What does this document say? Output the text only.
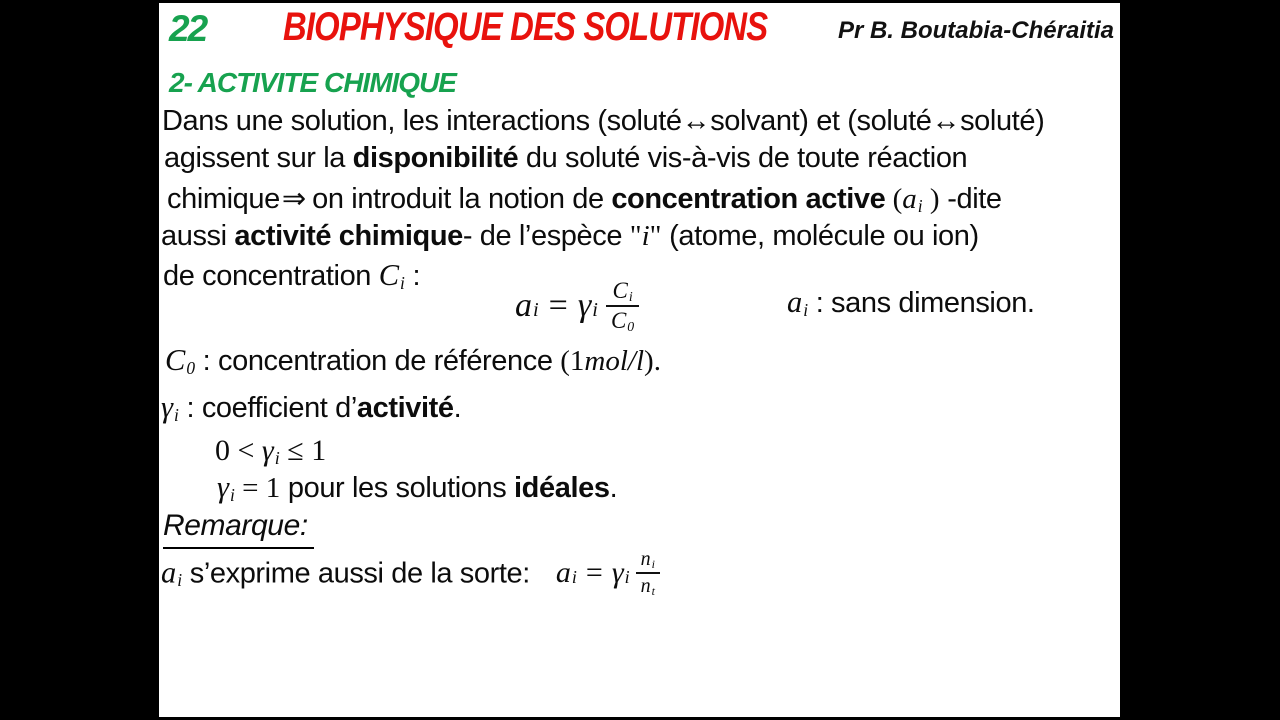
22 BIOPHYSIQUE DES SOLUTIONS	Pr B. Boutabia-Chéraitia
2- ACTIVITE CHIMIQUE
Dans une solution, les interactions (soluté↔solvant) et (soluté↔soluté)
agissent sur la disponibilité du soluté vis-à-vis de toute réaction
chimique⇒ on introduit la notion de concentration active (ai ) -dite
aussi activité chimique- de l’espèce "i" (atome, molécule ou ion)
de concentration Ci :
a i = γ i $\frac{Ci}{C0}$	ai : sans dimension.
C0 : concentration de référence (1mol/l).
γi : coefficient d’activité.
0 < γi ≤ 1
γi = 1 pour les solutions idéales.
Remarque:
ai s’exprime aussi de la sorte: a i = γ i $\frac{ni}{nt}$
